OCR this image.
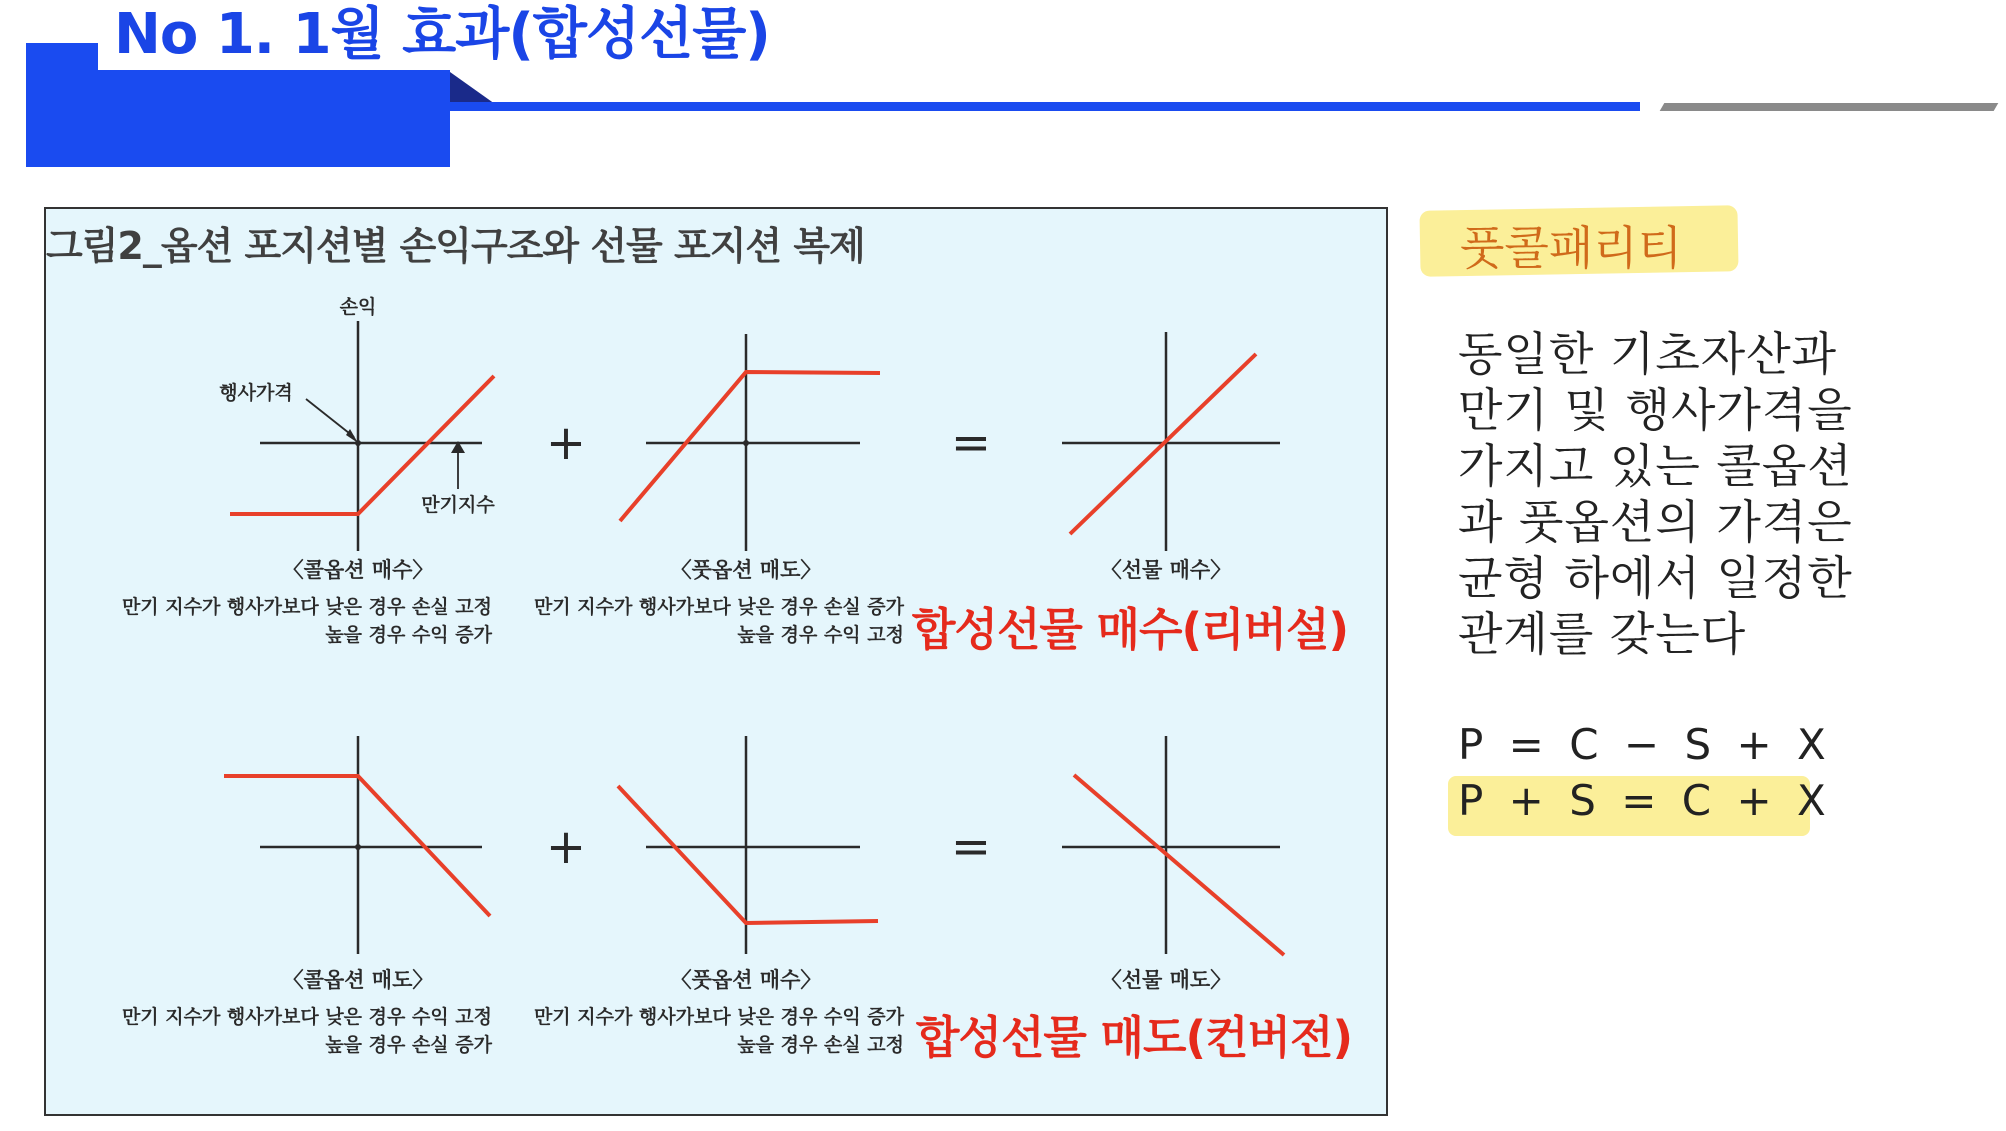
No 1. 1월 효과(합성선물)
그림2_옵션 포지션별 손익구조와 선물 포지션 복제
손익
행사가격
만기지수
〈콜옵션 매수〉
만기 지수가 행사가보다 낮은 경우 손실 고정
높을 경우 수익 증가
〈풋옵션 매도〉
만기 지수가 행사가보다 낮은 경우 손실 증가
높을 경우 수익 고정
〈선물 매수〉
〈콜옵션 매도〉
만기 지수가 행사가보다 낮은 경우 수익 고정
높을 경우 손실 증가
〈풋옵션 매수〉
만기 지수가 행사가보다 낮은 경우 수익 증가
높을 경우 손실 고정
〈선물 매도〉
+	=
+	=
합성선물 매수(리버설)
합성선물 매도(컨버전)
풋콜패리티
동일한 기초자산과
만기 및 행사가격을
가지고 있는 콜옵션
과 풋옵션의 가격은
균형 하에서 일정한
관계를 갖는다
P = C − S + X
P + S = C + X
